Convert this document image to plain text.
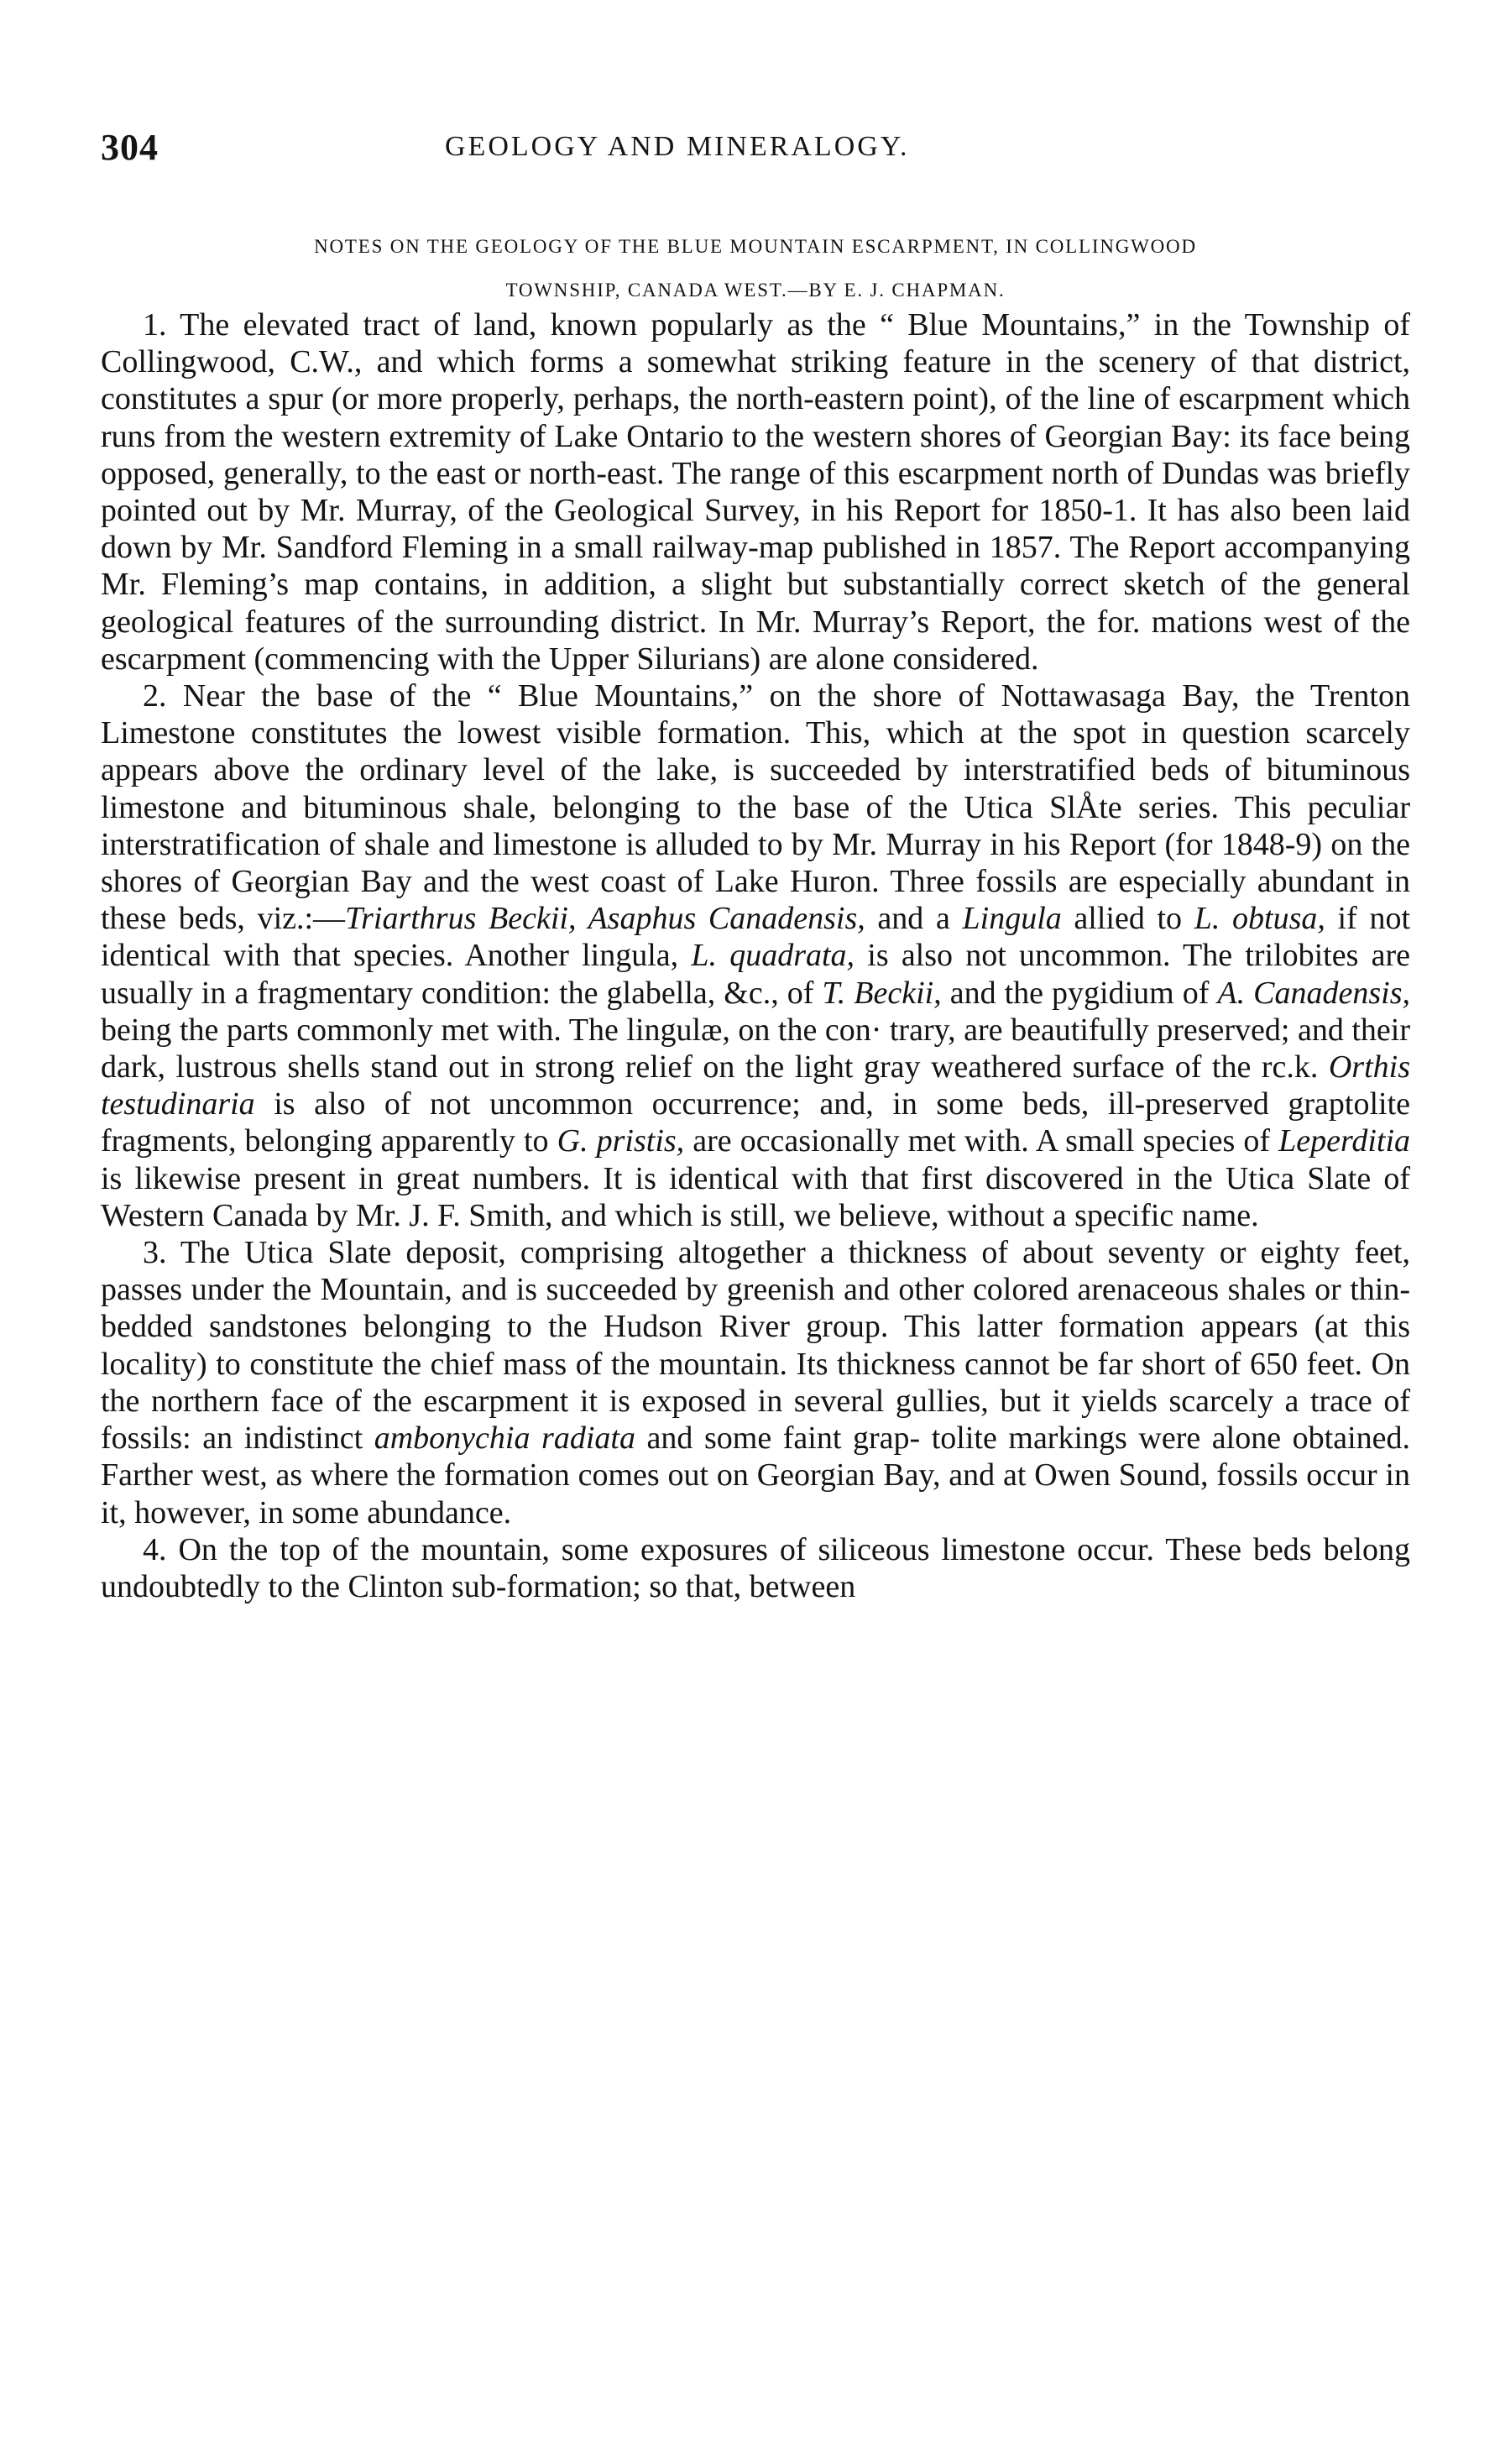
304	GEOLOGY AND MINERALOGY.
NOTES ON THE GEOLOGY OF THE BLUE MOUNTAIN ESCARPMENT, IN COLLINGWOOD
TOWNSHIP, CANADA WEST.—BY E. J. CHAPMAN.

1. The elevated tract of land, known popularly as the “ Blue Mountains,” in the Township of Collingwood, C.W., and which forms a somewhat striking feature in the scenery of that district, constitutes a spur (or more properly, perhaps, the north-eastern point), of the line of escarpment which runs from the western extremity of Lake Ontario to the western shores of Georgian Bay: its face being opposed, generally, to the east or north-east. The range of this escarpment north of Dundas was briefly pointed out by Mr. Murray, of the Geological Survey, in his Report for 1850-1. It has also been laid down by Mr. Sandford Fleming in a small railway-map published in 1857. The Report accompanying Mr. Fleming’s map contains, in addition, a slight but substantially correct sketch of the general geological features of the surrounding district. In Mr. Murray’s Report, the for. mations west of the escarpment (commencing with the Upper Silurians) are alone considered.

2. Near the base of the “ Blue Mountains,” on the shore of Nottawasaga Bay, the Trenton Limestone constitutes the lowest visible formation. This, which at the spot in question scarcely appears above the ordinary level of the lake, is succeeded by interstratified beds of bituminous limestone and bituminous shale, belonging to the base of the Utica SlÅte series. This peculiar interstratification of shale and limestone is alluded to by Mr. Murray in his Report (for 1848-9) on the shores of Georgian Bay and the west coast of Lake Huron. Three fossils are especially abundant in these beds, viz.:—Triarthrus Beckii, Asaphus Canadensis, and a Lingula allied to L. obtusa, if not identical with that species. Another lingula, L. quadrata, is also not uncommon. The trilobites are usually in a fragmentary condition: the glabella, &c., of T. Beckii, and the pygidium of A. Canadensis, being the parts commonly met with. The lingulæ, on the con· trary, are beautifully preserved; and their dark, lustrous shells stand out in strong relief on the light gray weathered surface of the rc.k. Orthis testudinaria is also of not uncommon occurrence; and, in some beds, ill-preserved graptolite fragments, belonging apparently to G. pristis, are occasionally met with. A small species of Leperditia is likewise present in great numbers. It is identical with that first discovered in the Utica Slate of Western Canada by Mr. J. F. Smith, and which is still, we believe, without a specific name.

3. The Utica Slate deposit, comprising altogether a thickness of about seventy or eighty feet, passes under the Mountain, and is succeeded by greenish and other colored arenaceous shales or thin-bedded sandstones belonging to the Hudson River group. This latter formation appears (at this locality) to constitute the chief mass of the mountain. Its thickness cannot be far short of 650 feet. On the northern face of the escarpment it is exposed in several gullies, but it yields scarcely a trace of fossils: an indistinct ambonychia radiata and some faint grap- tolite markings were alone obtained. Farther west, as where the formation comes out on Georgian Bay, and at Owen Sound, fossils occur in it, however, in some abundance.

4. On the top of the mountain, some exposures of siliceous limestone occur. These beds belong undoubtedly to the Clinton sub-formation; so that, between
